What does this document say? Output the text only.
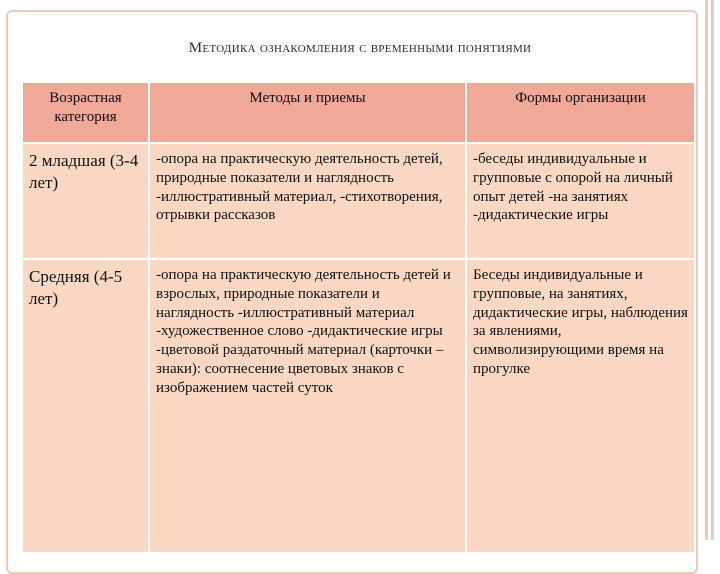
Методика ознакомления с временными понятиями
Возрастная категория	Методы и приемы	Формы организации
2 младшая (3-4 лет)	-опора на практическую деятельность детей, природные показатели и наглядность -иллюстративный материал, -стихотворения, отрывки рассказов	-беседы индивидуальные и групповые с опорой на личный опыт детей -на занятиях -дидактические игры
Средняя (4-5 лет)	-опора на практическую деятельность детей и взрослых, природные показатели и наглядность -иллюстративный материал -художественное слово -дидактические игры -цветовой раздаточный материал (карточки – знаки): соотнесение цветовых знаков с изображением частей суток	Беседы индивидуальные и групповые, на занятиях, дидактические игры, наблюдения за явлениями, символизирующими время на прогулке
